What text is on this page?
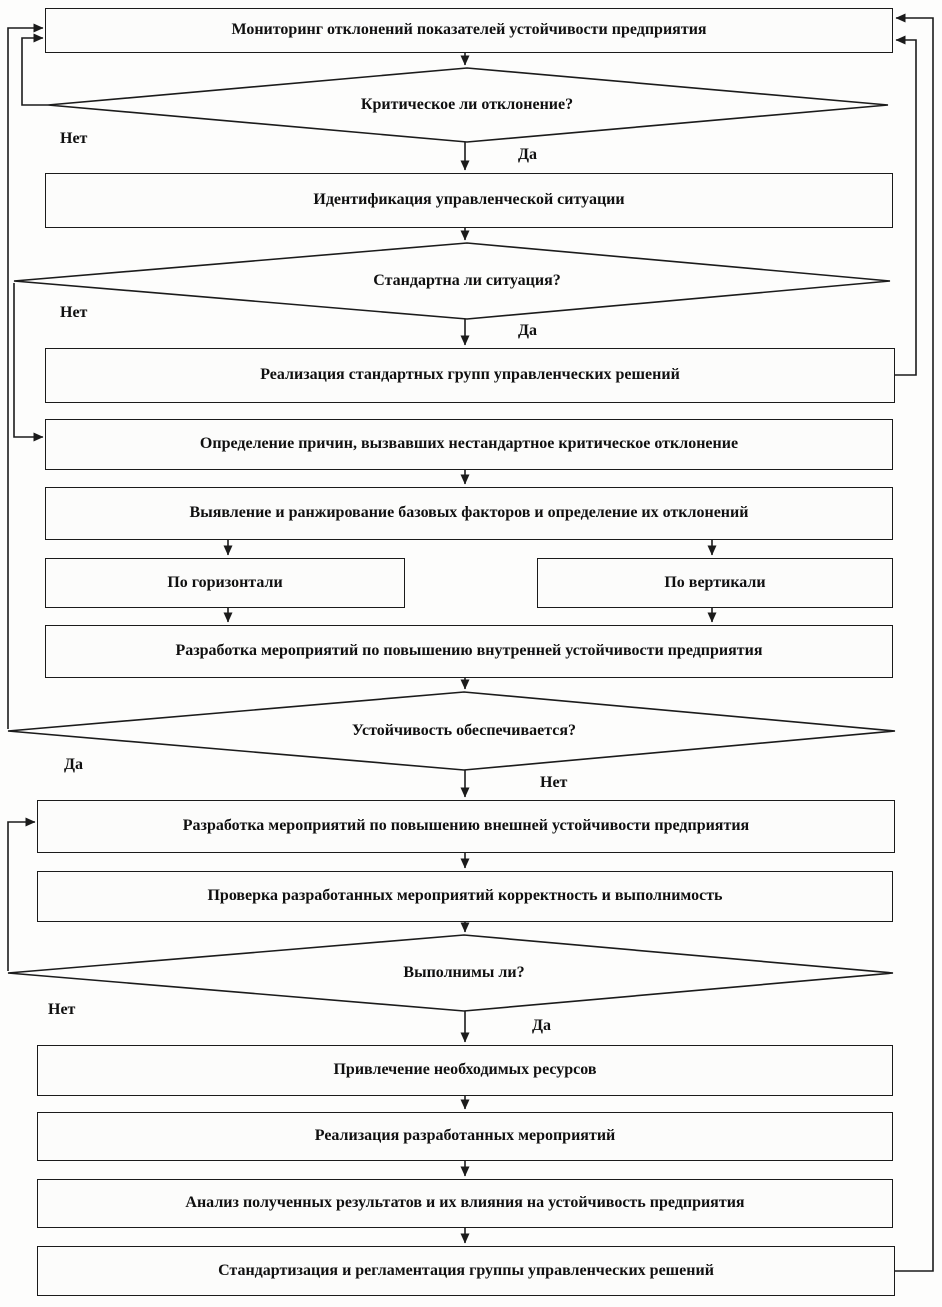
Мониторинг отклонений показателей устойчивости предприятия
Идентификация управленческой ситуации
Реализация стандартных групп управленческих решений
Определение причин, вызвавших нестандартное критическое отклонение
Выявление и ранжирование базовых факторов и определение их отклонений
По горизонтали	По вертикали
Разработка мероприятий по повышению внутренней устойчивости предприятия
Разработка мероприятий по повышению внешней устойчивости предприятия
Проверка разработанных мероприятий корректность и выполнимость
Привлечение необходимых ресурсов
Реализация разработанных мероприятий
Анализ полученных результатов и их влияния на устойчивость предприятия
Стандартизация и регламентация группы управленческих решений
Критическое ли отклонение?
Стандартна ли ситуация?
Устойчивость обеспечивается?
Выполнимы ли?
Нет
Да
Нет
Да
Да
Нет
Нет
Да
